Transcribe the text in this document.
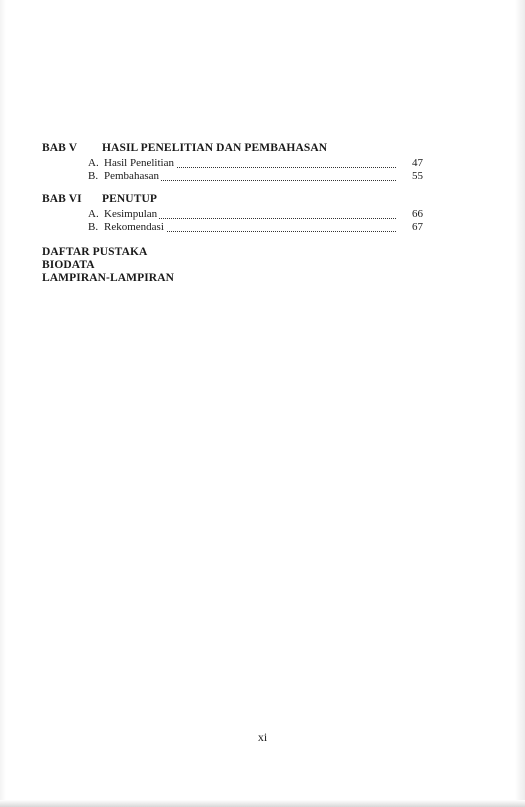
BAB V HASIL PENELITIAN DAN PEMBAHASAN
A. Hasil Penelitian	47
B. Pembahasan	55
BAB VI PENUTUP
A. Kesimpulan	66
B. Rekomendasi	67
DAFTAR PUSTAKA
BIODATA
LAMPIRAN-LAMPIRAN
xi
